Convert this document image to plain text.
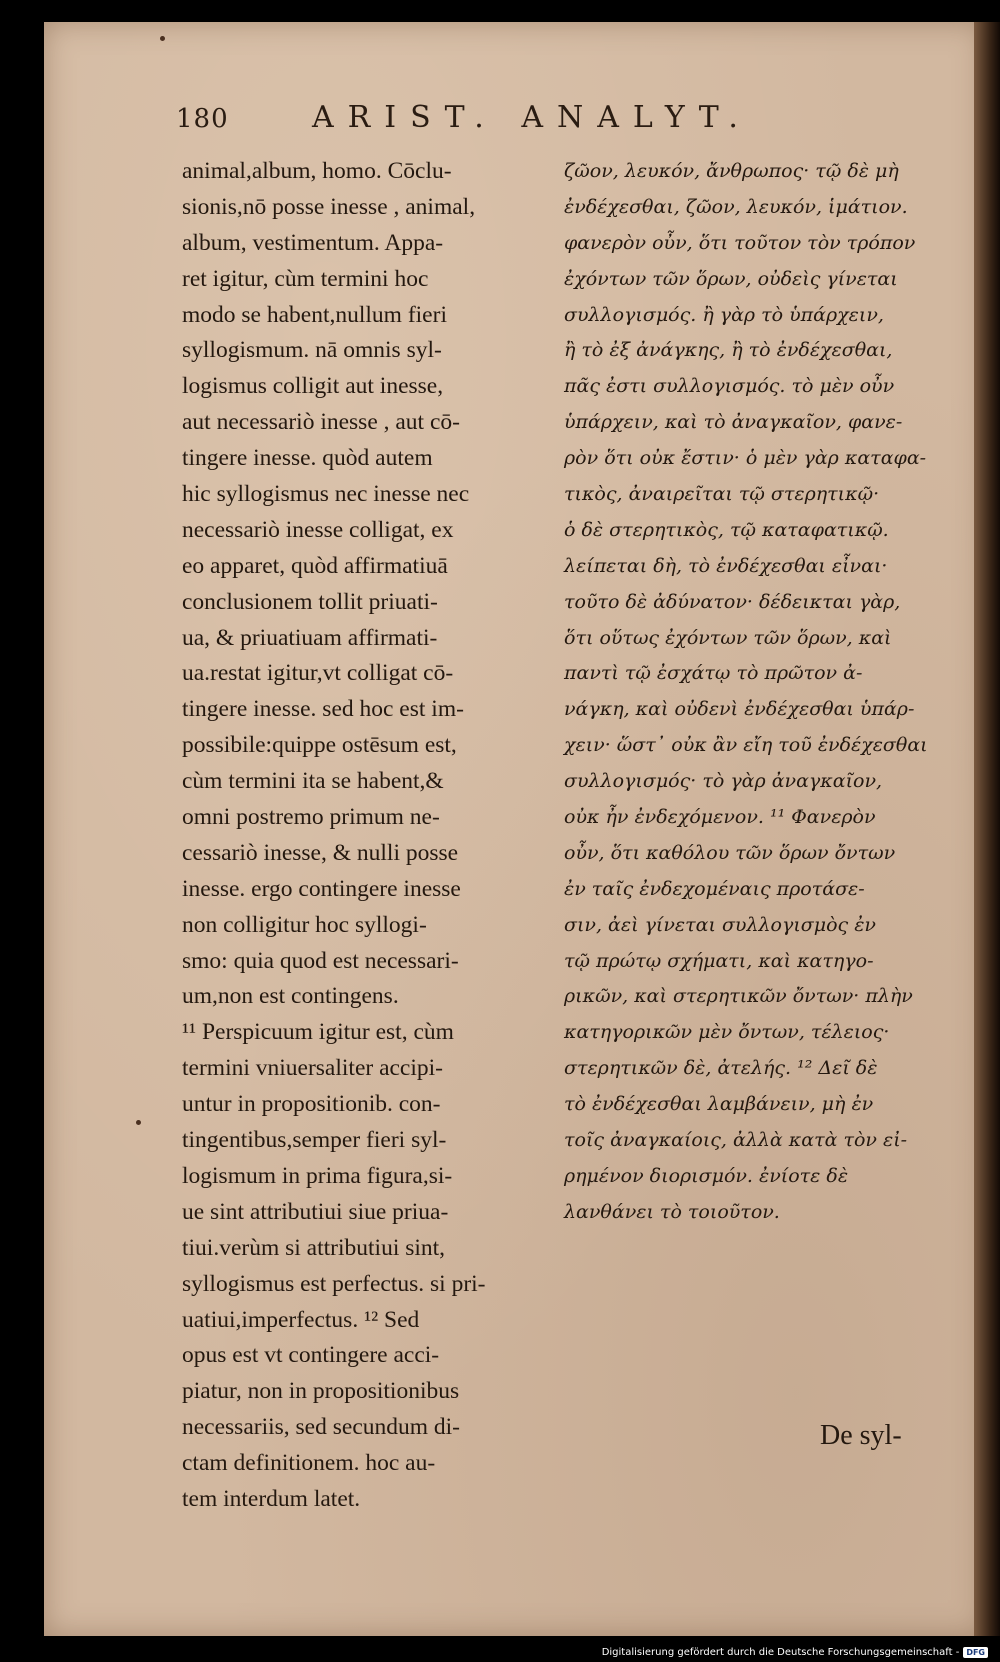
180	ARIST. ANALYT.
animal,album, homo. Cōclu-
sionis,nō posse inesse , animal,
album, vestimentum. Appa-
ret igitur, cùm termini hoc
modo se habent,nullum fieri
syllogismum. nā omnis syl-
logismus colligit aut inesse,
aut necessariò inesse , aut cō-
tingere inesse. quòd autem
hic syllogismus nec inesse nec
necessariò inesse colligat, ex
eo apparet, quòd affirmatiuā
conclusionem tollit priuati-
ua, & priuatiuam affirmati-
ua.restat igitur,vt colligat cō-
tingere inesse. sed hoc est im-
possibile:quippe ostēsum est,
cùm termini ita se habent,&
omni postremo primum ne-
cessariò inesse, & nulli posse
inesse. ergo contingere inesse
non colligitur hoc syllogi-
smo: quia quod est necessari-
um,non est contingens.
¹¹ Perspicuum igitur est, cùm
termini vniuersaliter accipi-
untur in propositionib. con-
tingentibus,semper fieri syl-
logismum in prima figura,si-
ue sint attributiui siue priua-
tiui.verùm si attributiui sint,
syllogismus est perfectus. si pri-
uatiui,imperfectus. ¹² Sed
opus est vt contingere acci-
piatur, non in propositionibus
necessariis, sed secundum di-
ctam definitionem. hoc au-
tem interdum latet.
ζῶον, λευκόν, ἄνθρωπος· τῷ δὲ μὴ
ἐνδέχεσθαι, ζῶον, λευκόν, ἱμάτιον.
φανερὸν οὖν, ὅτι τοῦτον τὸν τρόπον
ἐχόντων τῶν ὅρων, οὐδεὶς γίνεται
συλλογισμός. ἢ γὰρ τὸ ὑπάρχειν,
ἢ τὸ ἐξ ἀνάγκης, ἢ τὸ ἐνδέχεσθαι,
πᾶς ἐστι συλλογισμός. τὸ μὲν οὖν
ὑπάρχειν, καὶ τὸ ἀναγκαῖον, φανε-
ρὸν ὅτι οὐκ ἔστιν· ὁ μὲν γὰρ καταφα-
τικὸς, ἀναιρεῖται τῷ στερητικῷ·
ὁ δὲ στερητικὸς, τῷ καταφατικῷ.
λείπεται δὴ, τὸ ἐνδέχεσθαι εἶναι·
τοῦτο δὲ ἀδύνατον· δέδεικται γὰρ,
ὅτι οὕτως ἐχόντων τῶν ὅρων, καὶ
παντὶ τῷ ἐσχάτῳ τὸ πρῶτον ἀ-
νάγκη, καὶ οὐδενὶ ἐνδέχεσθαι ὑπάρ-
χειν· ὥστ᾽ οὐκ ἂν εἴη τοῦ ἐνδέχεσθαι
συλλογισμός· τὸ γὰρ ἀναγκαῖον,
οὐκ ἦν ἐνδεχόμενον. ¹¹ Φανερὸν
οὖν, ὅτι καθόλου τῶν ὅρων ὄντων
ἐν ταῖς ἐνδεχομέναις προτάσε-
σιν, ἀεὶ γίνεται συλλογισμὸς ἐν
τῷ πρώτῳ σχήματι, καὶ κατηγο-
ρικῶν, καὶ στερητικῶν ὄντων· πλὴν
κατηγορικῶν μὲν ὄντων, τέλειος·
στερητικῶν δὲ, ἀτελής. ¹² Δεῖ δὲ
τὸ ἐνδέχεσθαι λαμβάνειν, μὴ ἐν
τοῖς ἀναγκαίοις, ἀλλὰ κατὰ τὸν εἰ-
ρημένον διορισμόν. ἐνίοτε δὲ
λανθάνει τὸ τοιοῦτον.
De syl-
Digitalisierung gefördert durch die Deutsche Forschungsgemeinschaft - DFG
